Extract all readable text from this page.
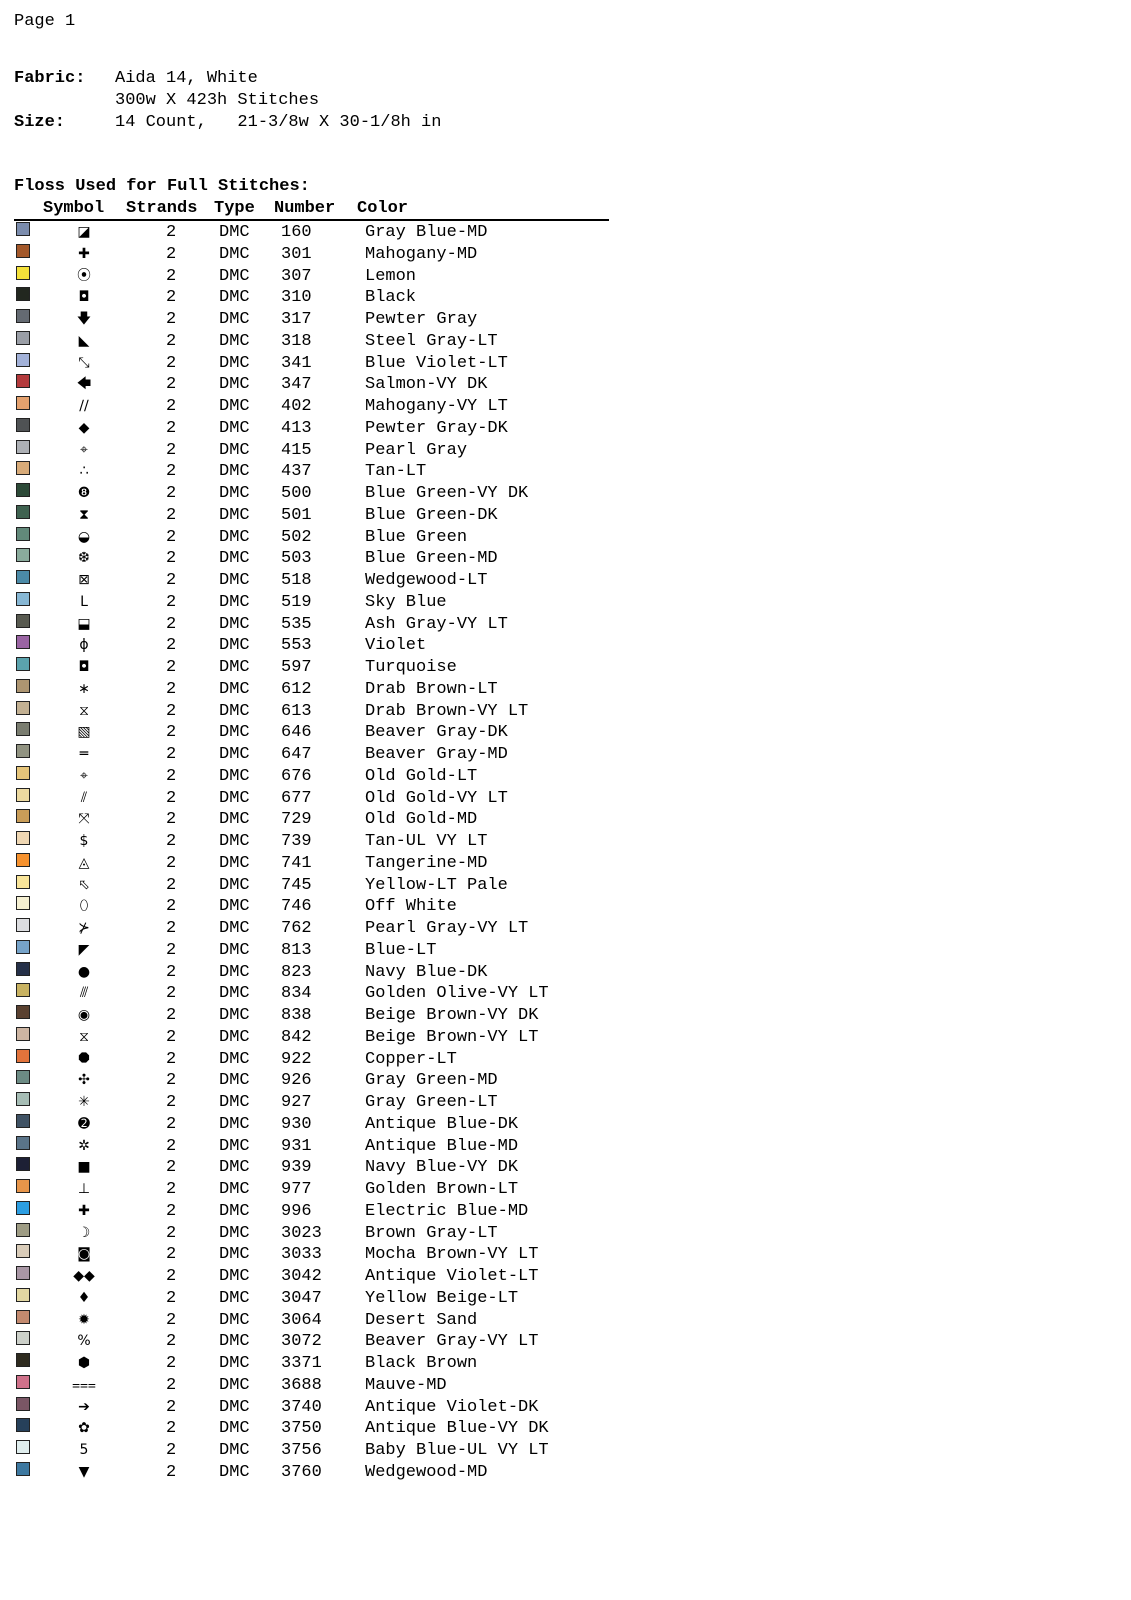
Page 1
Fabric:	Aida 14, White
300w X 423h Stitches
Size:	14 Count,   21-3/8w X 30-1/8h in
Floss Used for Full Stitches:
Symbol Strands Type Number Color
◪	2	DMC 160	Gray Blue-MD
✚	2	DMC 301	Mahogany-MD
⦿	2	DMC 307	Lemon
◘	2	DMC 310	Black
🡇	2	DMC 317	Pewter Gray
◣	2	DMC 318	Steel Gray-LT
⤡	2	DMC 341	Blue Violet-LT
🡄	2	DMC 347	Salmon-VY DK
∕∕	2	DMC 402	Mahogany-VY LT
◆	2	DMC 413	Pewter Gray-DK
⌖	2	DMC 415	Pearl Gray
∴	2	DMC 437	Tan-LT
❽	2	DMC 500	Blue Green-VY DK
⧗	2	DMC 501	Blue Green-DK
◒	2	DMC 502	Blue Green
❆	2	DMC 503	Blue Green-MD
⊠	2	DMC 518	Wedgewood-LT
L	2	DMC 519	Sky Blue
⬓	2	DMC 535	Ash Gray-VY LT
ɸ	2	DMC 553	Violet
◘	2	DMC 597	Turquoise
∗	2	DMC 612	Drab Brown-LT
⧖	2	DMC 613	Drab Brown-VY LT
▧	2	DMC 646	Beaver Gray-DK
═	2	DMC 647	Beaver Gray-MD
⌖	2	DMC 676	Old Gold-LT
⫽	2	DMC 677	Old Gold-VY LT
⤧	2	DMC 729	Old Gold-MD
$	2	DMC 739	Tan-UL VY LT
◬	2	DMC 741	Tangerine-MD
⬁	2	DMC 745	Yellow-LT Pale
⬯	2	DMC 746	Off White
⊁	2	DMC 762	Pearl Gray-VY LT
◤	2	DMC 813	Blue-LT
●	2	DMC 823	Navy Blue-DK
⫻	2	DMC 834	Golden Olive-VY LT
◉	2	DMC 838	Beige Brown-VY DK
⧖	2	DMC 842	Beige Brown-VY LT
⯃	2	DMC 922	Copper-LT
✣	2	DMC 926	Gray Green-MD
✳	2	DMC 927	Gray Green-LT
➋	2	DMC 930	Antique Blue-DK
✲	2	DMC 931	Antique Blue-MD
■	2	DMC 939	Navy Blue-VY DK
⊥	2	DMC 977	Golden Brown-LT
✚	2	DMC 996	Electric Blue-MD
☽	2	DMC 3023	Brown Gray-LT
◙	2	DMC 3033	Mocha Brown-VY LT
◆◆	2	DMC 3042	Antique Violet-LT
♦	2	DMC 3047	Yellow Beige-LT
✹	2	DMC 3064	Desert Sand
%	2	DMC 3072	Beaver Gray-VY LT
⬢	2	DMC 3371	Black Brown
⩶	2	DMC 3688	Mauve-MD
➔	2	DMC 3740	Antique Violet-DK
✿	2	DMC 3750	Antique Blue-VY DK
5	2	DMC 3756	Baby Blue-UL VY LT
▼	2	DMC 3760	Wedgewood-MD
